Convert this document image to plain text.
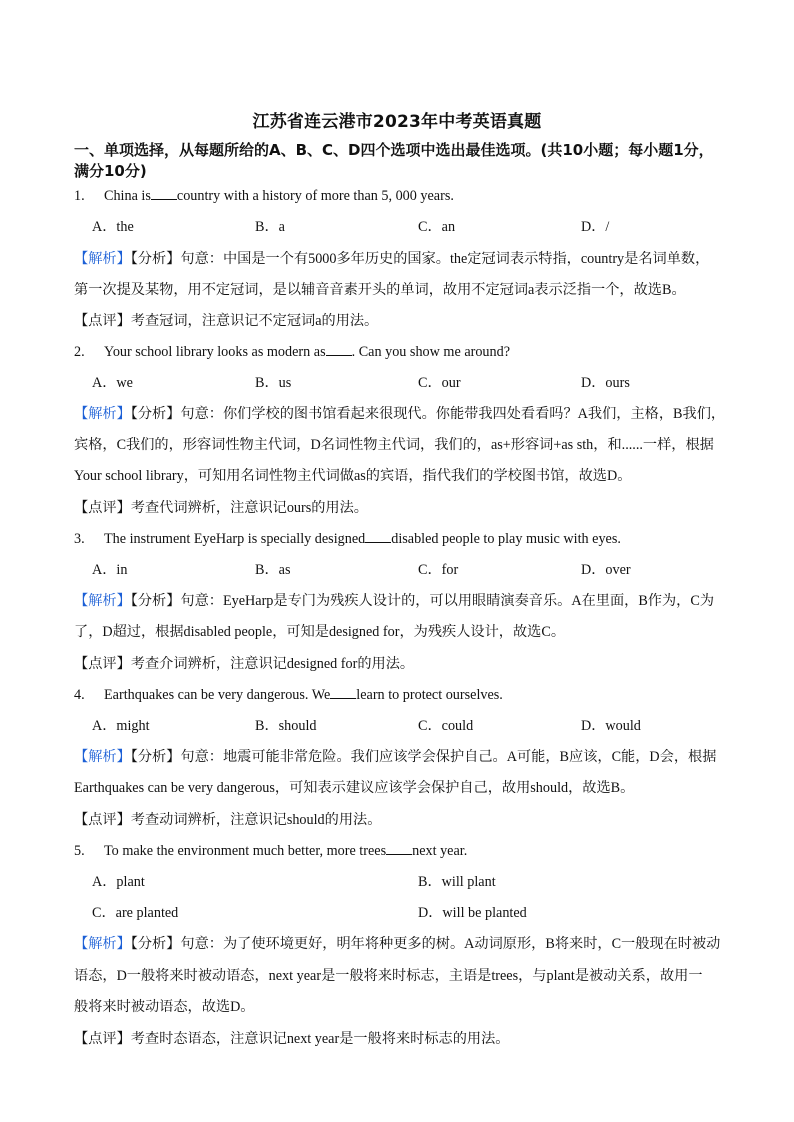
江苏省连云港市2023年中考英语真题
一、单项选择，从每题所给的A、B、C、D四个选项中选出最佳选项。(共10小题；每小题1分，
满分10分)
1. China is country with a history of more than 5, 000 years.
A．the	B．a	C．an	D．/
【解析】【分析】句意：中国是一个有5000多年历史的国家。the定冠词表示特指，country是名词单数，
第一次提及某物，用不定冠词，是以辅音音素开头的单词，故用不定冠词a表示泛指一个，故选B。
【点评】考查冠词，注意识记不定冠词a的用法。
2. Your school library looks as modern as . Can you show me around?
A．we	B．us	C．our	D．ours
【解析】【分析】句意：你们学校的图书馆看起来很现代。你能带我四处看看吗？A我们，主格，B我们，
宾格，C我们的，形容词性物主代词，D名词性物主代词，我们的，as+形容词+as sth，和......一样，根据
Your school library，可知用名词性物主代词做as的宾语，指代我们的学校图书馆，故选D。
【点评】考查代词辨析，注意识记ours的用法。
3. The instrument EyeHarp is specially designed disabled people to play music with eyes.
A．in	B．as	C．for	D．over
【解析】【分析】句意：EyeHarp是专门为残疾人设计的，可以用眼睛演奏音乐。A在里面，B作为，C为
了，D超过，根据disabled people，可知是designed for，为残疾人设计，故选C。
【点评】考查介词辨析，注意识记designed for的用法。
4. Earthquakes can be very dangerous. We learn to protect ourselves.
A．might	B．should	C．could	D．would
【解析】【分析】句意：地震可能非常危险。我们应该学会保护自己。A可能，B应该，C能，D会，根据
Earthquakes can be very dangerous，可知表示建议应该学会保护自己，故用should，故选B。
【点评】考查动词辨析，注意识记should的用法。
5. To make the environment much better, more trees next year.
A．plant	B．will plant
C．are planted	D．will be planted
【解析】【分析】句意：为了使环境更好，明年将种更多的树。A动词原形，B将来时，C一般现在时被动
语态，D一般将来时被动语态，next year是一般将来时标志，主语是trees，与plant是被动关系，故用一
般将来时被动语态，故选D。
【点评】考查时态语态，注意识记next year是一般将来时标志的用法。
